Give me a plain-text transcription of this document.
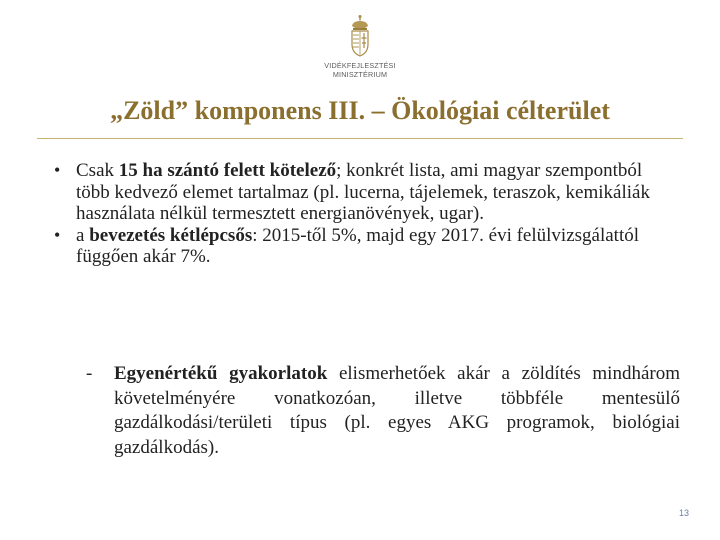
VIDÉKFEJLESZTÉSI
MINISZTÉRIUM
„Zöld” komponens III. – Ökológiai célterület
• Csak 15 ha szántó felett kötelező; konkrét lista, ami magyar szempontból több kedvező elemet tartalmaz (pl. lucerna, tájelemek, teraszok, kemikáliák használata nélkül termesztett energianövények, ugar).
• a bevezetés kétlépcsős: 2015-től 5%, majd egy 2017. évi felülvizsgálattól függően akár 7%.
- Egyenértékű gyakorlatok elismerhetőek akár a zöldítés mindhárom követelményére vonatkozóan, illetve többféle mentesülő gazdálkodási/területi típus (pl. egyes AKG programok, biológiai gazdálkodás).
13
